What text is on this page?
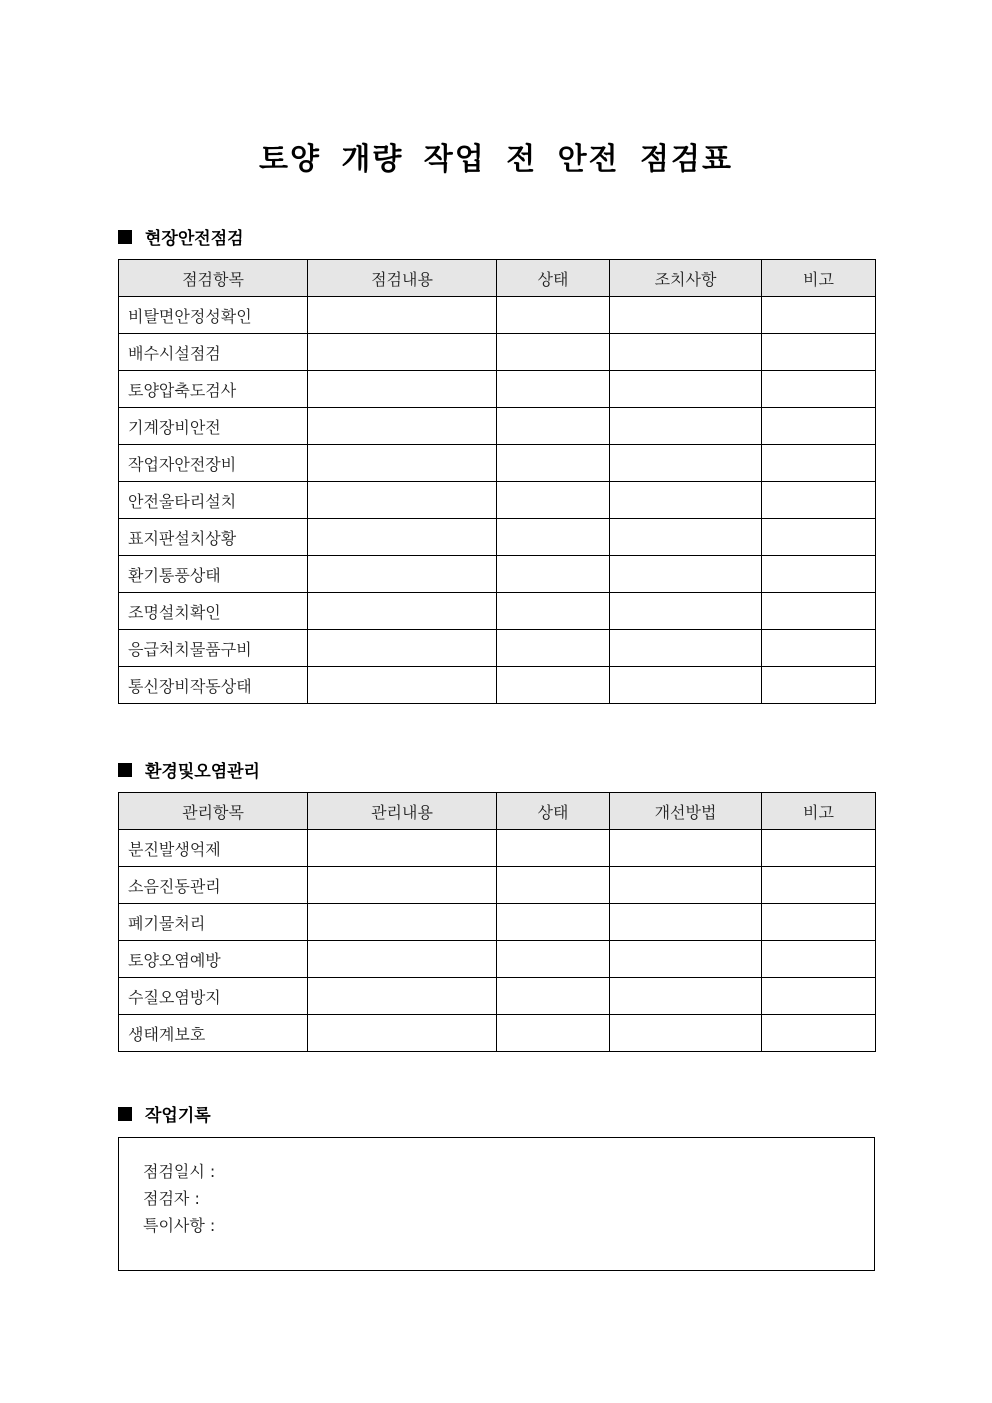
토양 개량 작업 전 안전 점검표
현장안전점검
점검항목	점검내용	상태	조치사항	비고
비탈면안정성확인				
배수시설점검				
토양압축도검사				
기계장비안전				
작업자안전장비				
안전울타리설치				
표지판설치상황				
환기통풍상태				
조명설치확인				
응급처치물품구비				
통신장비작동상태				
환경및오염관리
관리항목	관리내용	상태	개선방법	비고
분진발생억제				
소음진동관리				
폐기물처리				
토양오염예방				
수질오염방지				
생태계보호				
작업기록
점검일시 :
점검자 :
특이사항 :
